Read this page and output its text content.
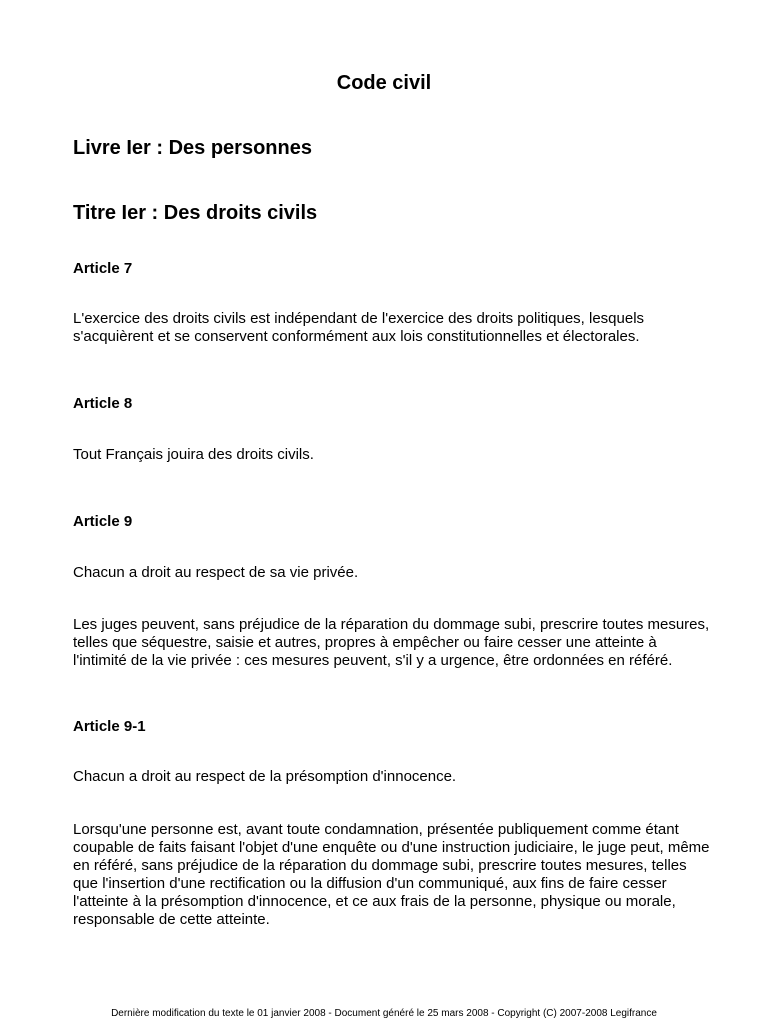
Code civil
Livre Ier : Des personnes
Titre Ier : Des droits civils
Article 7

L'exercice des droits civils est indépendant de l'exercice des droits politiques, lesquels s'acquièrent et se conservent conformément aux lois constitutionnelles et électorales.

Article 8

Tout Français jouira des droits civils.

Article 9

Chacun a droit au respect de sa vie privée.

Les juges peuvent, sans préjudice de la réparation du dommage subi, prescrire toutes mesures, telles que séquestre, saisie et autres, propres à empêcher ou faire cesser une atteinte à l'intimité de la vie privée : ces mesures peuvent, s'il y a urgence, être ordonnées en référé.

Article 9-1

Chacun a droit au respect de la présomption d'innocence.

Lorsqu'une personne est, avant toute condamnation, présentée publiquement comme étant coupable de faits faisant l'objet d'une enquête ou d'une instruction judiciaire, le juge peut, même en référé, sans préjudice de la réparation du dommage subi, prescrire toutes mesures, telles que l'insertion d'une rectification ou la diffusion d'un communiqué, aux fins de faire cesser l'atteinte à la présomption d'innocence, et ce aux frais de la personne, physique ou morale, responsable de cette atteinte.

Dernière modification du texte le 01 janvier 2008 - Document généré le 25 mars 2008 - Copyright (C) 2007-2008 Legifrance
